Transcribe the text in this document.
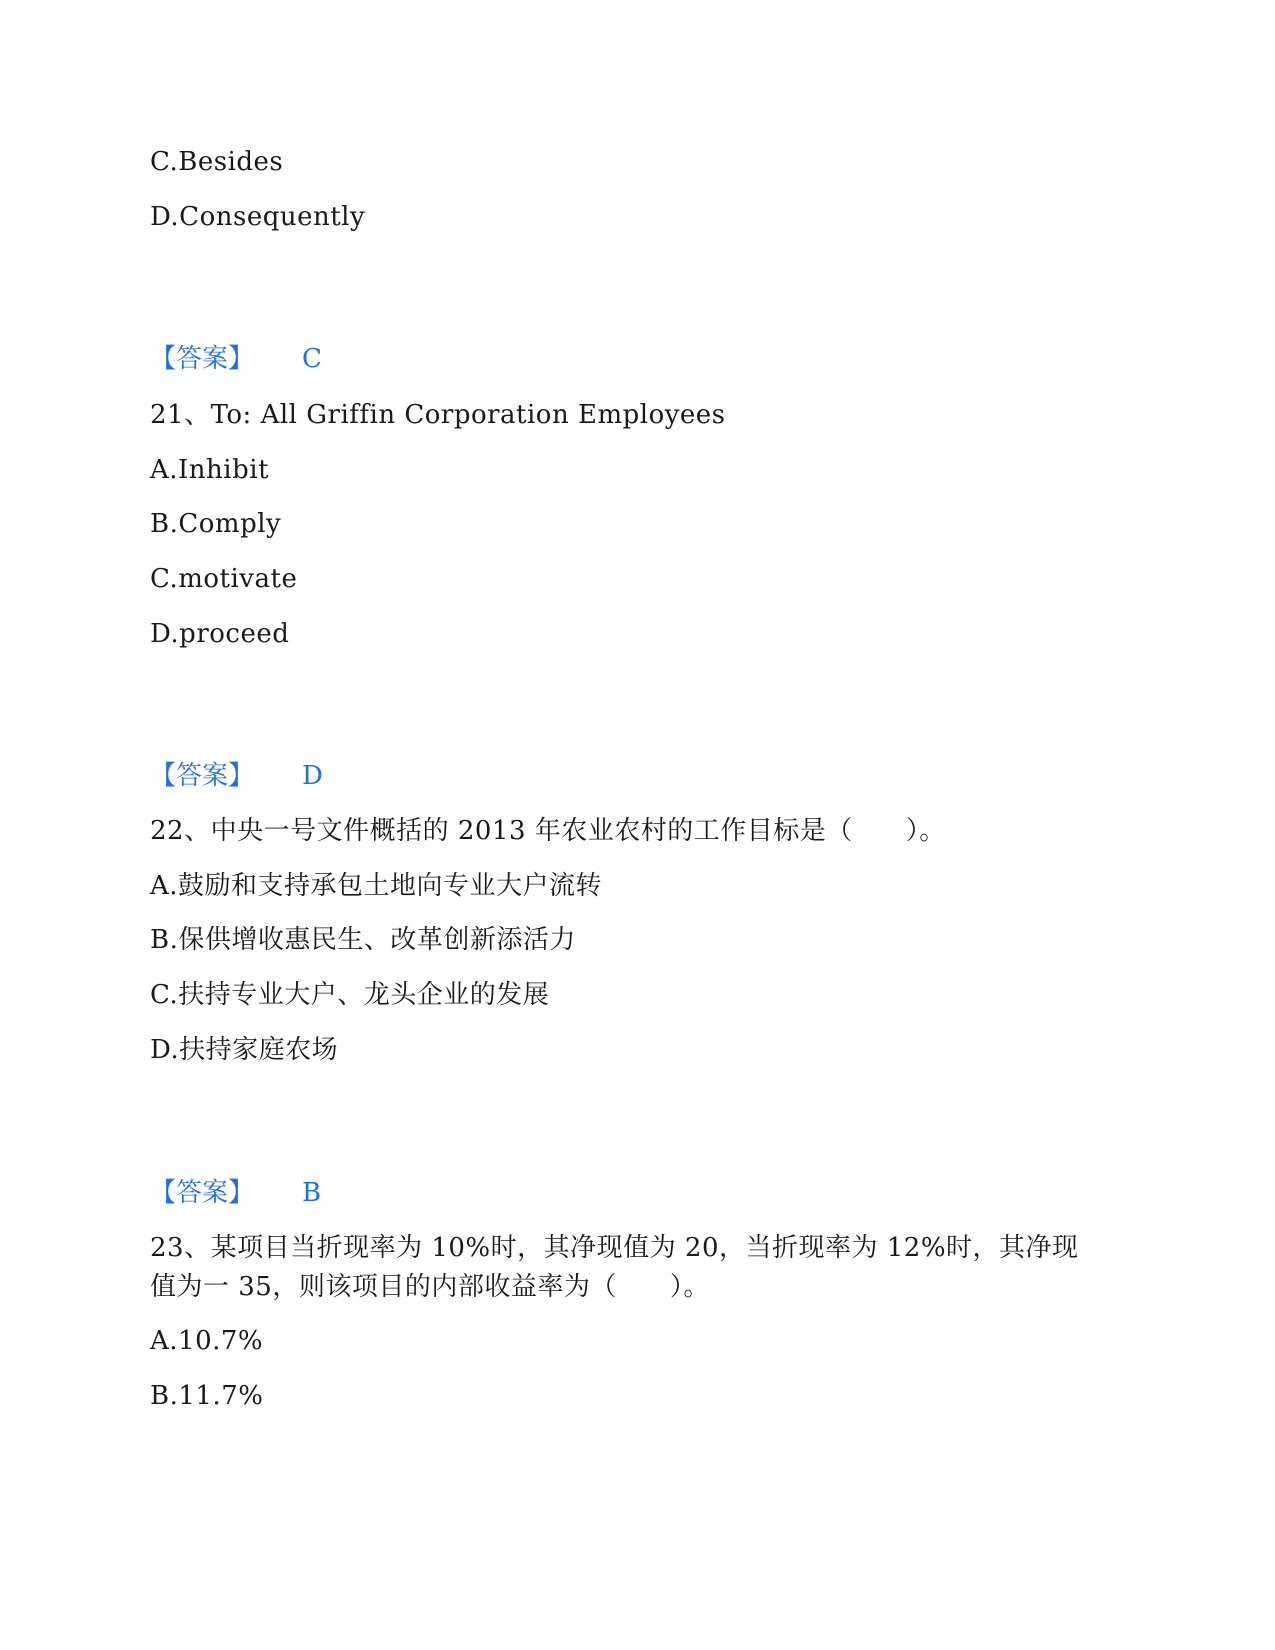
C.Besides
D.Consequently
【答案】 C
21、To: All Griffin Corporation Employees
A.Inhibit
B.Comply
C.motivate
D.proceed
【答案】 D
22、中央一号文件概括的 2013 年农业农村的工作目标是（　　）。
A.鼓励和支持承包土地向专业大户流转
B.保供增收惠民生、改革创新添活力
C.扶持专业大户、龙头企业的发展
D.扶持家庭农场
【答案】 B
23、某项目当折现率为 10%时，其净现值为 20，当折现率为 12%时，其净现
值为一 35，则该项目的内部收益率为（　　）。
A.10.7%
B.11.7%
